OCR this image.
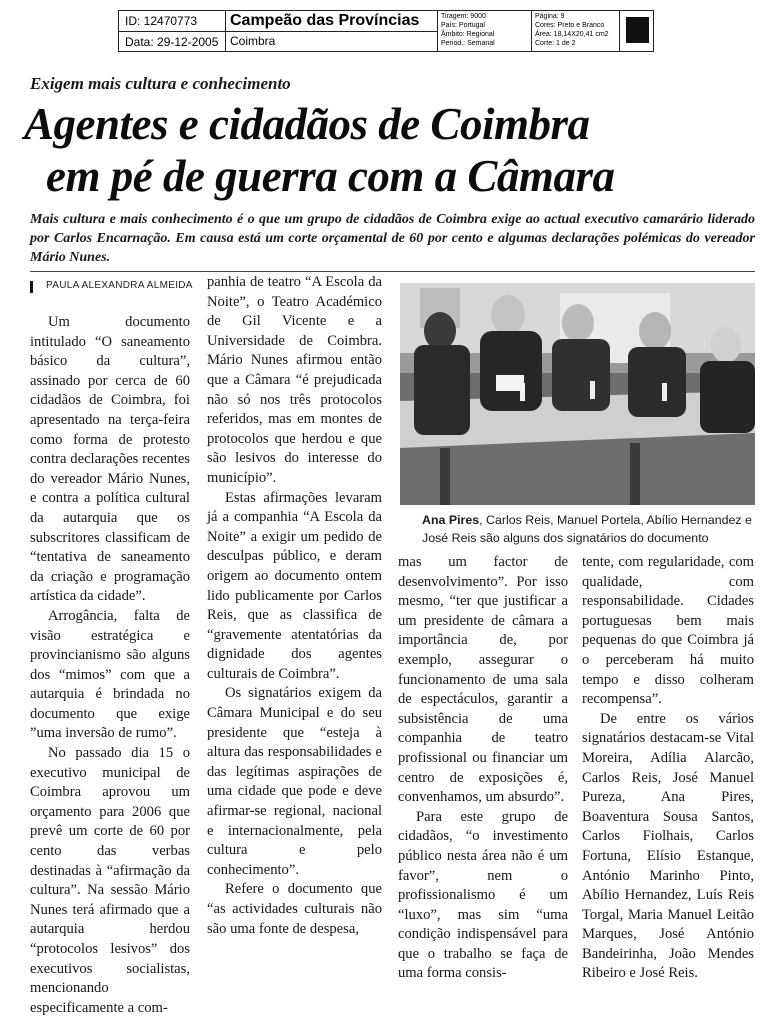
ID: 12470773
Data: 29-12-2005
Campeão das Províncias
Coimbra
Tiragem: 9000
País: Portugal
Âmbito: Regional
Period.: Semanal
Página: 9
Cores: Preto e Branco
Área: 18,14X20,41 cm2
Corte: 1 de 2
Exigem mais cultura e conhecimento
Agentes e cidadãos de Coimbra
em pé de guerra com a Câmara
Mais cultura e mais conhecimento é o que um grupo de cidadãos de Coimbra exige ao actual executivo camarário liderado por Carlos Encarnação. Em causa está um corte orçamental de 60 por cento e algumas declarações polémicas do vereador Mário Nunes.
PAULA ALEXANDRA ALMEIDA

Um documento intitulado “O saneamento básico da cultura”, assinado por cerca de 60 cidadãos de Coimbra, foi apresentado na terça-feira como forma de protesto contra declarações recentes do vereador Mário Nunes, e contra a política cultural da autarquia que os subscritores classificam de “tentativa de saneamento da criação e programação artística da cidade”.

Arrogância, falta de visão estratégica e provincianismo são alguns dos “mimos” com que a autarquia é brindada no documento que exige ”uma inversão de rumo”.

No passado dia 15 o executivo municipal de Coimbra aprovou um orçamento para 2006 que prevê um corte de 60 por cento das verbas destinadas à “afirmação da cultura”. Na sessão Mário Nunes terá afirmado que a autarquia herdou “protocolos lesivos” dos executivos socialistas, mencionando especificamente a com-

panhia de teatro “A Escola da Noite”, o Teatro Académico de Gil Vicente e a Universidade de Coimbra. Mário Nunes afirmou então que a Câmara “é prejudicada não só nos três protocolos referidos, mas em montes de protocolos que herdou e que são lesivos do interesse do município”.

Estas afirmações levaram já a companhia “A Escola da Noite” a exigir um pedido de desculpas público, e deram origem ao documento ontem lido publicamente por Carlos Reis, que as classifica de “gravemente atentatórias da dignidade dos agentes culturais de Coimbra”.

Os signatários exigem da Câmara Municipal e do seu presidente que “esteja à altura das responsabilidades e das legítimas aspirações de uma cidade que pode e deve afirmar-se regional, nacional e internacionalmente, pela cultura e pelo conhecimento”.

Refere o documento que “as actividades culturais não são uma fonte de despesa,

Ana Pires, Carlos Reis, Manuel Portela, Abílio Hernandez e José Reis são alguns dos signatários do documento

mas um factor de desenvolvimento”. Por isso mesmo, “ter que justificar a um presidente de câmara a importância de, por exemplo, assegurar o funcionamento de uma sala de espectáculos, garantir a subsistência de uma companhia de teatro profissional ou financiar um centro de exposições é, convenhamos, um absurdo”.

Para este grupo de cidadãos, “o investimento público nesta área não é um favor”, nem o profissionalismo é um “luxo”, mas sim “uma condição indispensável para que o trabalho se faça de uma forma consis-

tente, com regularidade, com qualidade, com responsabilidade. Cidades portuguesas bem mais pequenas do que Coimbra já o perceberam há muito tempo e disso colheram recompensa”.

De entre os vários signatários destacam-se Vital Moreira, Adília Alarcão, Carlos Reis, José Manuel Pureza, Ana Pires, Boaventura Sousa Santos, Carlos Fiolhais, Carlos Fortuna, Elísio Estanque, António Marinho Pinto, Abílio Hernandez, Luís Reis Torgal, Maria Manuel Leitão Marques, José António Bandeirinha, João Mendes Ribeiro e José Reis.
